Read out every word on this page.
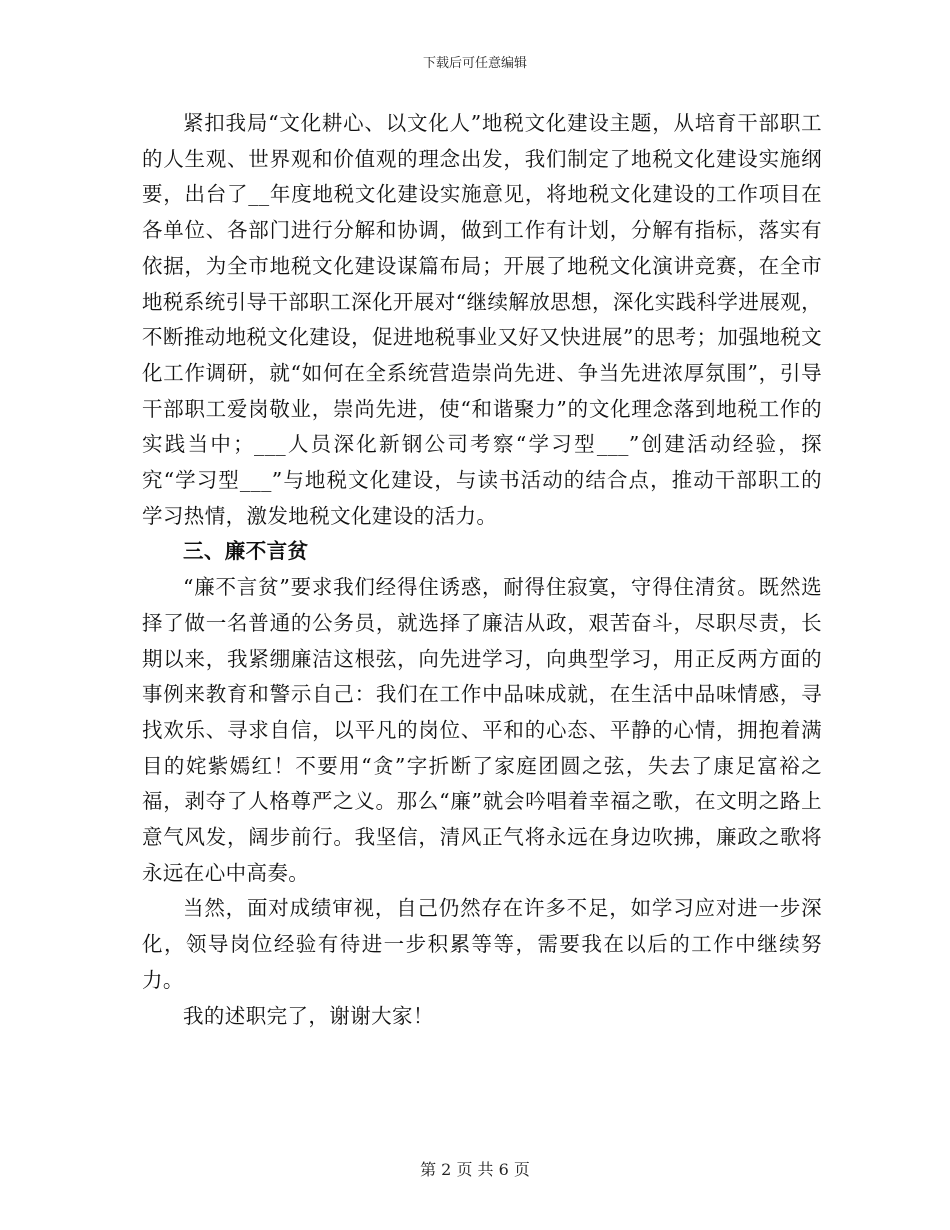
下载后可任意编辑

紧扣我局“文化耕心、以文化人”地税文化建设主题，从培育干部职工的人生观、世界观和价值观的理念出发，我们制定了地税文化建设实施纲要，出台了__年度地税文化建设实施意见，将地税文化建设的工作项目在各单位、各部门进行分解和协调，做到工作有计划，分解有指标，落实有依据，为全市地税文化建设谋篇布局；开展了地税文化演讲竞赛，在全市地税系统引导干部职工深化开展对“继续解放思想，深化实践科学进展观，不断推动地税文化建设，促进地税事业又好又快进展”的思考；加强地税文化工作调研，就“如何在全系统营造崇尚先进、争当先进浓厚氛围”，引导干部职工爱岗敬业，崇尚先进，使“和谐聚力”的文化理念落到地税工作的实践当中；___人员深化新钢公司考察“学习型___”创建活动经验，探究“学习型___”与地税文化建设，与读书活动的结合点，推动干部职工的学习热情，激发地税文化建设的活力。

三、廉不言贫

“廉不言贫”要求我们经得住诱惑，耐得住寂寞，守得住清贫。既然选择了做一名普通的公务员，就选择了廉洁从政，艰苦奋斗，尽职尽责，长期以来，我紧绷廉洁这根弦，向先进学习，向典型学习，用正反两方面的事例来教育和警示自己：我们在工作中品味成就，在生活中品味情感，寻找欢乐、寻求自信，以平凡的岗位、平和的心态、平静的心情，拥抱着满目的姹紫嫣红！不要用“贪”字折断了家庭团圆之弦，失去了康足富裕之福，剥夺了人格尊严之义。那么“廉”就会吟唱着幸福之歌，在文明之路上意气风发，阔步前行。我坚信，清风正气将永远在身边吹拂，廉政之歌将永远在心中高奏。

当然，面对成绩审视，自己仍然存在许多不足，如学习应对进一步深化，领导岗位经验有待进一步积累等等，需要我在以后的工作中继续努力。

我的述职完了，谢谢大家！

第 2 页 共 6 页
